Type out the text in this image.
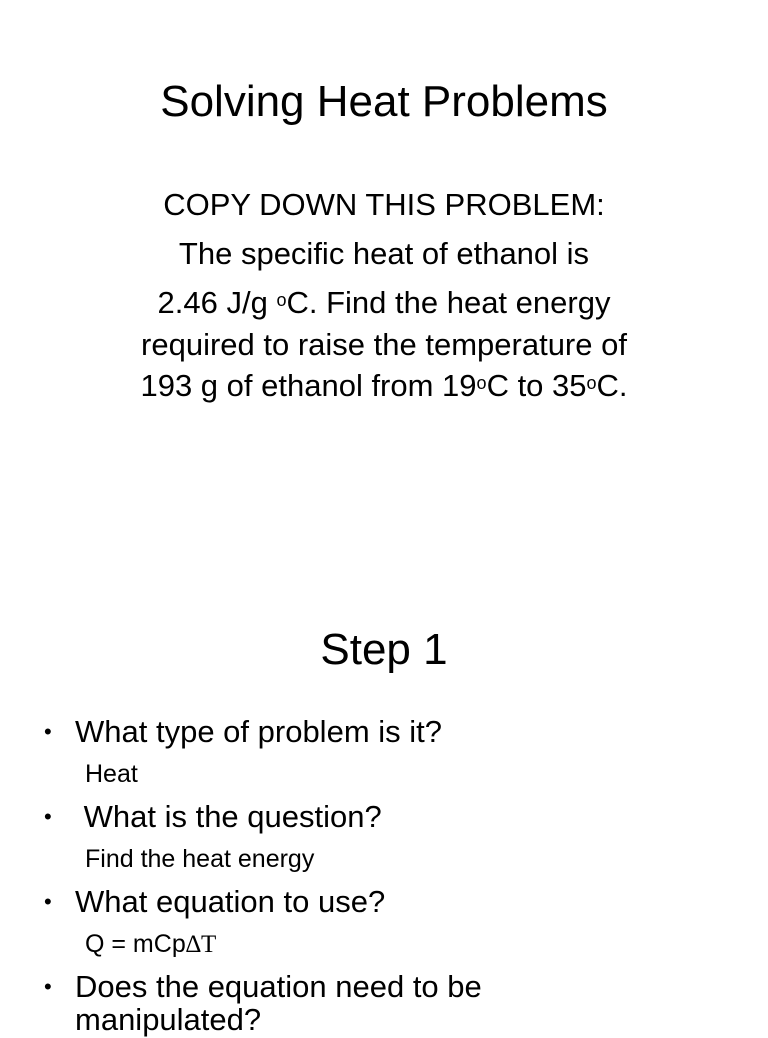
Solving Heat Problems
COPY DOWN THIS PROBLEM:
The specific heat of ethanol is
2.46 J/g $^o$C. Find the heat energy
required to raise the temperature of
193 g of ethanol from 19$^o$C to 35$^o$C.
Step 1
• What type of problem is it?
Heat
• What is the question?
Find the heat energy
• What equation to use?
Q = mCp∆T
• Does the equation need to be
manipulated?
